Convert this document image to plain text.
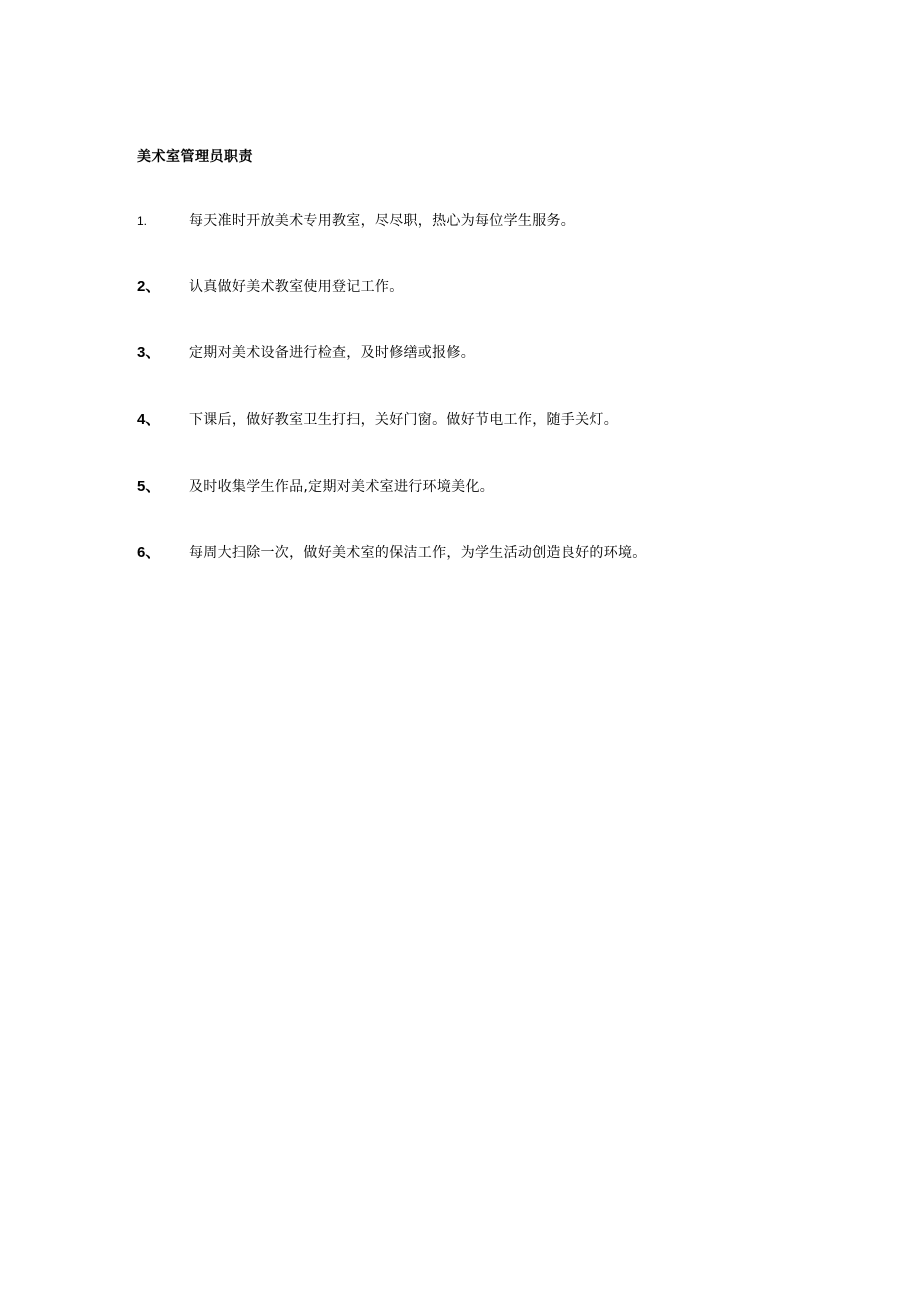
美术室管理员职责
1.	每天准时开放美术专用教室，尽尽职，热心为每位学生服务。
2、 认真做好美术教室使用登记工作。
3、 定期对美术设备进行检查，及时修缮或报修。
4、 下课后，做好教室卫生打扫，关好门窗。做好节电工作，随手关灯。
5、 及时收集学生作品,定期对美术室进行环境美化。
6、 每周大扫除一次，做好美术室的保洁工作，为学生活动创造良好的环境。
